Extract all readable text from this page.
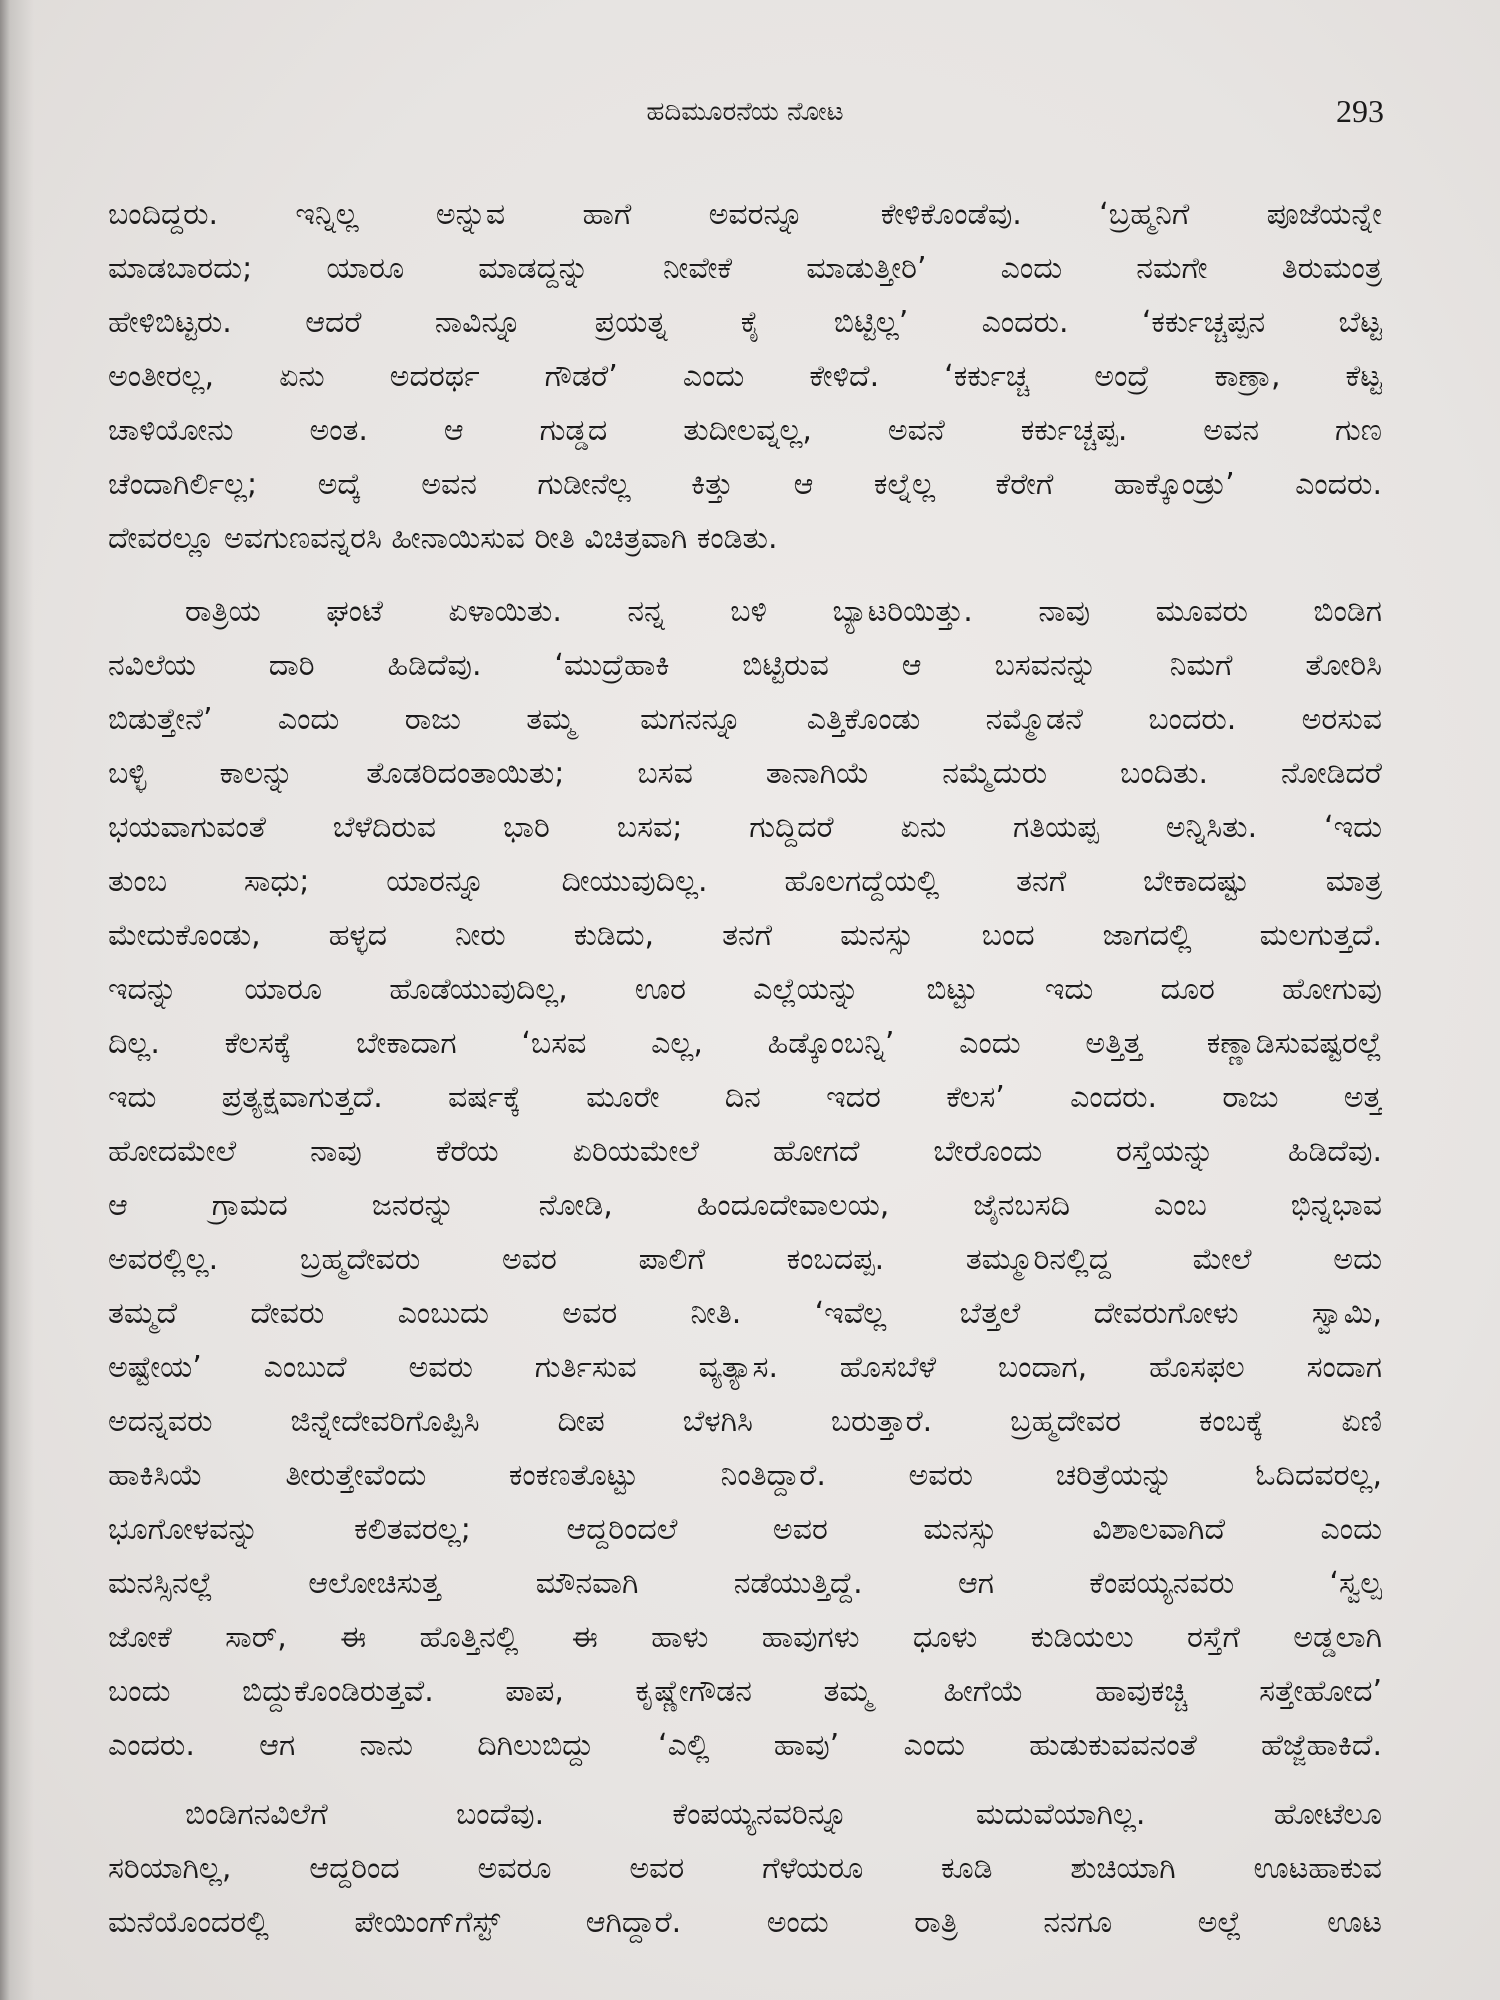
ಹದಿಮೂರನೆಯ ನೋಟ	293
ಬಂದಿದ್ದರು. ಇನ್ನಿಲ್ಲ ಅನ್ನುವ ಹಾಗೆ ಅವರನ್ನೂ ಕೇಳಿಕೊಂಡೆವು. ‘ಬ್ರಹ್ಮನಿಗೆ ಪೂಜೆಯನ್ನೇ
ಮಾಡಬಾರದು; ಯಾರೂ ಮಾಡದ್ದನ್ನು ನೀವೇಕೆ ಮಾಡುತ್ತೀರಿ’ ಎಂದು ನಮಗೇ ತಿರುಮಂತ್ರ
ಹೇಳಿಬಿಟ್ಟರು. ಆದರೆ ನಾವಿನ್ನೂ ಪ್ರಯತ್ನ ಕೈ ಬಿಟ್ಟಿಲ್ಲ’ ಎಂದರು. ‘ಕರ್ಕುಚ್ಚಪ್ಪನ ಬೆಟ್ಟ
ಅಂತೀರಲ್ಲ, ಏನು ಅದರರ್ಥ ಗೌಡರೆ’ ಎಂದು ಕೇಳಿದೆ. ‘ಕರ್ಕುಚ್ಚ ಅಂದ್ರೆ ಕಾಣ್ರಾ, ಕೆಟ್ಟ
ಚಾಳಿಯೋನು ಅಂತ. ಆ ಗುಡ್ಡದ ತುದೀಲವ್ನಲ್ಲ, ಅವನೆ ಕರ್ಕುಚ್ಚಪ್ಪ. ಅವನ ಗುಣ
ಚೆಂದಾಗಿರ್ಲಿಲ್ಲ; ಅದ್ಕೆ ಅವನ ಗುಡೀನೆಲ್ಲ ಕಿತ್ತು ಆ ಕಲ್ನೆಲ್ಲ ಕೆರೇಗೆ ಹಾಕ್ಕೊಂಡ್ರು’ ಎಂದರು.
ದೇವರಲ್ಲೂ ಅವಗುಣವನ್ನರಸಿ ಹೀನಾಯಿಸುವ ರೀತಿ ವಿಚಿತ್ರವಾಗಿ ಕಂಡಿತು.
ರಾತ್ರಿಯ ಘಂಟೆ ಏಳಾಯಿತು. ನನ್ನ ಬಳಿ ಬ್ಯಾಟರಿಯಿತ್ತು. ನಾವು ಮೂವರು ಬಿಂಡಿಗ
ನವಿಲೆಯ ದಾರಿ ಹಿಡಿದೆವು. ‘ಮುದ್ರೆಹಾಕಿ ಬಿಟ್ಟಿರುವ ಆ ಬಸವನನ್ನು ನಿಮಗೆ ತೋರಿಸಿ
ಬಿಡುತ್ತೇನೆ’ ಎಂದು ರಾಜು ತಮ್ಮ ಮಗನನ್ನೂ ಎತ್ತಿಕೊಂಡು ನಮ್ಮೊಡನೆ ಬಂದರು. ಅರಸುವ
ಬಳ್ಳಿ ಕಾಲನ್ನು ತೊಡರಿದಂತಾಯಿತು; ಬಸವ ತಾನಾಗಿಯೆ ನಮ್ಮೆದುರು ಬಂದಿತು. ನೋಡಿದರೆ
ಭಯವಾಗುವಂತೆ ಬೆಳೆದಿರುವ ಭಾರಿ ಬಸವ; ಗುದ್ದಿದರೆ ಏನು ಗತಿಯಪ್ಪ ಅನ್ನಿಸಿತು. ‘ಇದು
ತುಂಬ ಸಾಧು; ಯಾರನ್ನೂ ದೀಯುವುದಿಲ್ಲ. ಹೊಲಗದ್ದೆಯಲ್ಲಿ ತನಗೆ ಬೇಕಾದಷ್ಟು ಮಾತ್ರ
ಮೇದುಕೊಂಡು, ಹಳ್ಳದ ನೀರು ಕುಡಿದು, ತನಗೆ ಮನಸ್ಸು ಬಂದ ಜಾಗದಲ್ಲಿ ಮಲಗುತ್ತದೆ.
ಇದನ್ನು ಯಾರೂ ಹೊಡೆಯುವುದಿಲ್ಲ, ಊರ ಎಲ್ಲೆಯನ್ನು ಬಿಟ್ಟು ಇದು ದೂರ ಹೋಗುವು
ದಿಲ್ಲ. ಕೆಲಸಕ್ಕೆ ಬೇಕಾದಾಗ ‘ಬಸವ ಎಲ್ಲ, ಹಿಡ್ಕೊಂಬನ್ನಿ’ ಎಂದು ಅತ್ತಿತ್ತ ಕಣ್ಣಾಡಿಸುವಷ್ಟರಲ್ಲೆ
ಇದು ಪ್ರತ್ಯಕ್ಷವಾಗುತ್ತದೆ. ವರ್ಷಕ್ಕೆ ಮೂರೇ ದಿನ ಇದರ ಕೆಲಸ’ ಎಂದರು. ರಾಜು ಅತ್ತ
ಹೋದಮೇಲೆ ನಾವು ಕೆರೆಯ ಏರಿಯಮೇಲೆ ಹೋಗದೆ ಬೇರೊಂದು ರಸ್ತೆಯನ್ನು ಹಿಡಿದೆವು.
ಆ ಗ್ರಾಮದ ಜನರನ್ನು ನೋಡಿ, ಹಿಂದೂದೇವಾಲಯ, ಜೈನಬಸದಿ ಎಂಬ ಭಿನ್ನಭಾವ
ಅವರಲ್ಲಿಲ್ಲ. ಬ್ರಹ್ಮದೇವರು ಅವರ ಪಾಲಿಗೆ ಕಂಬದಪ್ಪ. ತಮ್ಮೂರಿನಲ್ಲಿದ್ದ ಮೇಲೆ ಅದು
ತಮ್ಮದೆ ದೇವರು ಎಂಬುದು ಅವರ ನೀತಿ. ‘ಇವೆಲ್ಲ ಬೆತ್ತಲೆ ದೇವರುಗೋಳು ಸ್ವಾಮಿ,
ಅಷ್ಟೇಯ’ ಎಂಬುದೆ ಅವರು ಗುರ್ತಿಸುವ ವ್ಯತ್ಯಾಸ. ಹೊಸಬೆಳೆ ಬಂದಾಗ, ಹೊಸಫಲ ಸಂದಾಗ
ಅದನ್ನವರು ಜಿನ್ನೇದೇವರಿಗೊಪ್ಪಿಸಿ ದೀಪ ಬೆಳಗಿಸಿ ಬರುತ್ತಾರೆ. ಬ್ರಹ್ಮದೇವರ ಕಂಬಕ್ಕೆ ಏಣಿ
ಹಾಕಿಸಿಯೆ ತೀರುತ್ತೇವೆಂದು ಕಂಕಣತೊಟ್ಟು ನಿಂತಿದ್ದಾರೆ. ಅವರು ಚರಿತ್ರೆಯನ್ನು ಓದಿದವರಲ್ಲ,
ಭೂಗೋಳವನ್ನು ಕಲಿತವರಲ್ಲ; ಆದ್ದರಿಂದಲೆ ಅವರ ಮನಸ್ಸು ವಿಶಾಲವಾಗಿದೆ ಎಂದು
ಮನಸ್ಸಿನಲ್ಲೆ ಆಲೋಚಿಸುತ್ತ ಮೌನವಾಗಿ ನಡೆಯುತ್ತಿದ್ದೆ. ಆಗ ಕೆಂಪಯ್ಯನವರು ‘ಸ್ವಲ್ಪ
ಜೋಕೆ ಸಾರ್, ಈ ಹೊತ್ತಿನಲ್ಲಿ ಈ ಹಾಳು ಹಾವುಗಳು ಧೂಳು ಕುಡಿಯಲು ರಸ್ತೆಗೆ ಅಡ್ಡಲಾಗಿ
ಬಂದು ಬಿದ್ದುಕೊಂಡಿರುತ್ತವೆ. ಪಾಪ, ಕೃಷ್ಣೇಗೌಡನ ತಮ್ಮ ಹೀಗೆಯೆ ಹಾವುಕಚ್ಚಿ ಸತ್ತೇಹೋದ’
ಎಂದರು. ಆಗ ನಾನು ದಿಗಿಲುಬಿದ್ದು ‘ಎಲ್ಲಿ ಹಾವು’ ಎಂದು ಹುಡುಕುವವನಂತೆ ಹೆಜ್ಜೆಹಾಕಿದೆ.
ಬಿಂಡಿಗನವಿಲೆಗೆ ಬಂದೆವು. ಕೆಂಪಯ್ಯನವರಿನ್ನೂ ಮದುವೆಯಾಗಿಲ್ಲ. ಹೋಟೆಲೂ
ಸರಿಯಾಗಿಲ್ಲ, ಆದ್ದರಿಂದ ಅವರೂ ಅವರ ಗೆಳೆಯರೂ ಕೂಡಿ ಶುಚಿಯಾಗಿ ಊಟಹಾಕುವ
ಮನೆಯೊಂದರಲ್ಲಿ ಪೇಯಿಂಗ್‌ಗೆಸ್ಟ್ ಆಗಿದ್ದಾರೆ. ಅಂದು ರಾತ್ರಿ ನನಗೂ ಅಲ್ಲೆ ಊಟ
